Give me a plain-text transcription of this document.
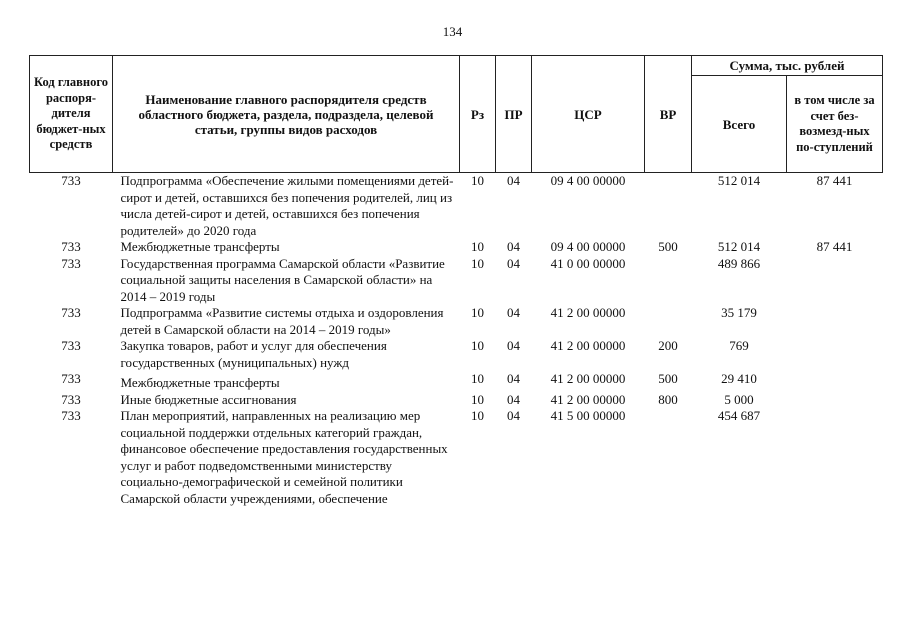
134
Код главного распоря-дителя бюджет-ных средств	Наименование главного распорядителя средств областного бюджета, раздела, подраздела, целевой статьи, группы видов расходов	Рз	ПР	ЦСР	ВР	Сумма, тыс. рублей	
						Всего	в том числе за счет без-возмезд-ных по-ступлений
733	Подпрограмма «Обеспечение жилыми помещениями детей-сирот и детей, оставшихся без попечения родителей, лиц из числа детей-сирот и детей, оставшихся без попечения родителей» до 2020 года	10	04	09 4 00 00000		512 014	87 441
733	Межбюджетные трансферты	10	04	09 4 00 00000	500	512 014	87 441
733	Государственная программа Самарской области «Развитие социальной защиты населения в Самарской области» на 2014 – 2019 годы	10	04	41 0 00 00000		489 866	
733	Подпрограмма «Развитие системы отдыха и оздоровления детей в Самарской области на 2014 – 2019 годы»	10	04	41 2 00 00000		35 179	
733	Закупка товаров, работ и услуг для обеспечения государственных (муниципальных) нужд	10	04	41 2 00 00000	200	769	
733	Межбюджетные трансферты	10	04	41 2 00 00000	500	29 410	
733	Иные бюджетные ассигнования	10	04	41 2 00 00000	800	5 000	
733	План мероприятий, направленных на реализацию мер социальной поддержки отдельных категорий граждан, финансовое обеспечение предоставления государственных услуг и работ подведомственными министерству социально-демографической и семейной политики Самарской области учреждениями, обеспечение	10	04	41 5 00 00000		454 687	
